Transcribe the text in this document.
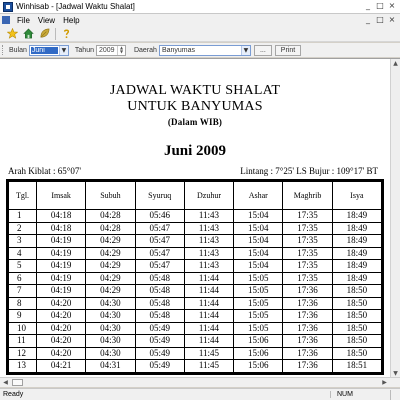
Winhisab - [Jadwal Waktu Shalat]	_ □ ×
File	View	Help	_ □ ×
Bulan Juni	▼ Tahun 2009	▲
▼ Daerah Banyumas	▼	...	Print
JADWAL WAKTU SHALAT
UNTUK BANYUMAS
(Dalam WIB)
Juni 2009
Arah Kiblat : 65°07'	Lintang : 7°25' LS Bujur : 109°17' BT
Tgl.	Imsak	Subuh	Syuruq	Dzuhur	Ashar	Maghrib	Isya
1	04:18	04:28	05:46	11:43	15:04	17:35	18:49
2	04:18	04:28	05:47	11:43	15:04	17:35	18:49
3	04:19	04:29	05:47	11:43	15:04	17:35	18:49
4	04:19	04:29	05:47	11:43	15:04	17:35	18:49
5	04:19	04:29	05:47	11:43	15:04	17:35	18:49
6	04:19	04:29	05:48	11:44	15:05	17:35	18:49
7	04:19	04:29	05:48	11:44	15:05	17:36	18:50
8	04:20	04:30	05:48	11:44	15:05	17:36	18:50
9	04:20	04:30	05:48	11:44	15:05	17:36	18:50
10	04:20	04:30	05:49	11:44	15:05	17:36	18:50
11	04:20	04:30	05:49	11:44	15:06	17:36	18:50
12	04:20	04:30	05:49	11:45	15:06	17:36	18:50
13	04:21	04:31	05:49	11:45	15:06	17:36	18:51
▲
▼
◀	▶
Ready	NUM
